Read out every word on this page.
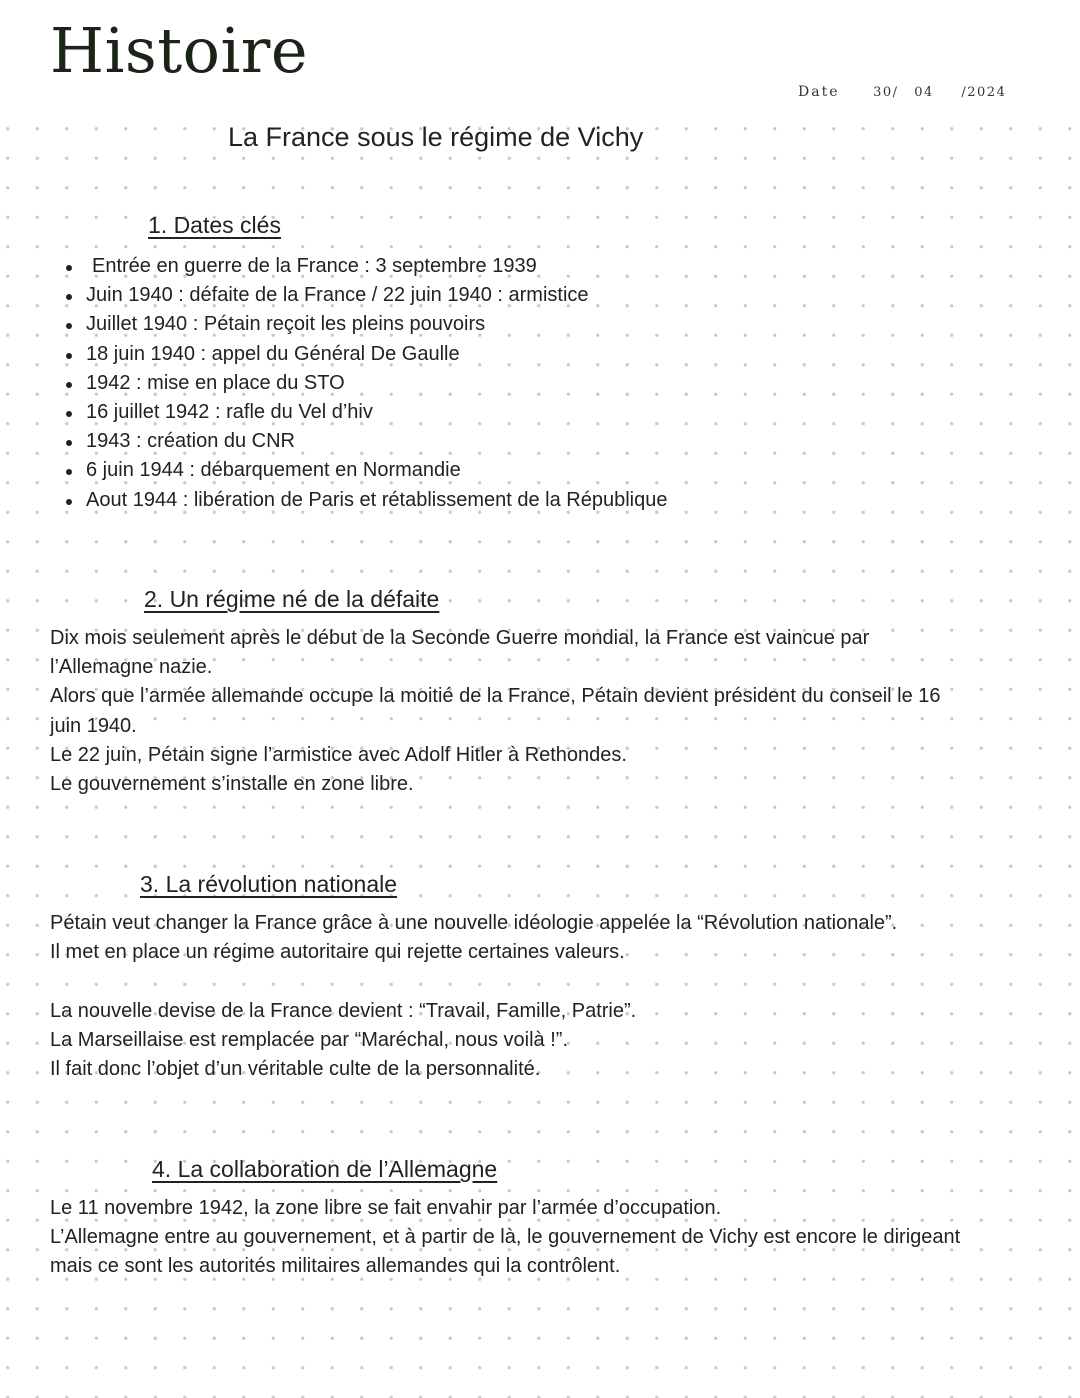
Histoire
Date	30/ 04 /2024
La France sous le régime de Vichy
1. Dates clés
Entrée en guerre de la France : 3 septembre 1939
Juin 1940 : défaite de la France / 22 juin 1940 : armistice
Juillet 1940 : Pétain reçoit les pleins pouvoirs
18 juin 1940 : appel du Général De Gaulle
1942 : mise en place du STO
16 juillet 1942 : rafle du Vel d’hiv
1943 : création du CNR
6 juin 1944 : débarquement en Normandie
Aout 1944 : libération de Paris et rétablissement de la République
2. Un régime né de la défaite
Dix mois seulement après le début de la Seconde Guerre mondial, la France est vaincue par
l’Allemagne nazie.
Alors que l’armée allemande occupe la moitié de la France, Pétain devient président du conseil le 16
juin 1940.
Le 22 juin, Pétain signe l’armistice avec Adolf Hitler à Rethondes.
Le gouvernement s’installe en zone libre.
3. La révolution nationale
Pétain veut changer la France grâce à une nouvelle idéologie appelée la “Révolution nationale”.
Il met en place un régime autoritaire qui rejette certaines valeurs.
La nouvelle devise de la France devient : “Travail, Famille, Patrie”.
La Marseillaise est remplacée par “Maréchal, nous voilà !”.
Il fait donc l’objet d’un véritable culte de la personnalité.
4. La collaboration de l’Allemagne
Le 11 novembre 1942, la zone libre se fait envahir par l’armée d’occupation.
L’Allemagne entre au gouvernement, et à partir de là, le gouvernement de Vichy est encore le dirigeant
mais ce sont les autorités militaires allemandes qui la contrôlent.
